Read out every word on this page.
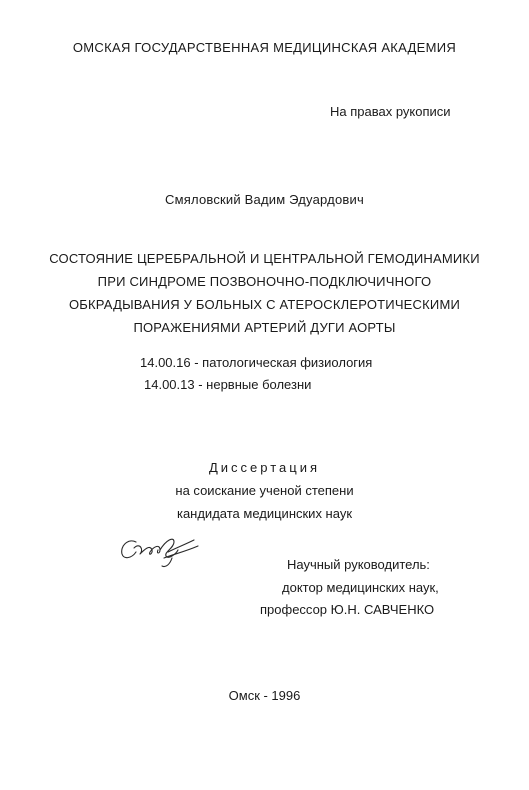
ОМСКАЯ ГОСУДАРСТВЕННАЯ МЕДИЦИНСКАЯ АКАДЕМИЯ
На правах рукописи
Смяловский Вадим Эдуардович
СОСТОЯНИЕ ЦЕРЕБРАЛЬНОЙ И ЦЕНТРАЛЬНОЙ ГЕМОДИНАМИКИ
ПРИ СИНДРОМЕ ПОЗВОНОЧНО-ПОДКЛЮЧИЧНОГО
ОБКРАДЫВАНИЯ У БОЛЬНЫХ С АТЕРОСКЛЕРОТИЧЕСКИМИ
ПОРАЖЕНИЯМИ АРТЕРИЙ ДУГИ АОРТЫ
14.00.16 - патологическая физиология
14.00.13 - нервные болезни
Диссертация
на соискание ученой степени
кандидата медицинских наук
Научный руководитель:
доктор медицинских наук,
профессор Ю.Н. САВЧЕНКО
Омск - 1996
